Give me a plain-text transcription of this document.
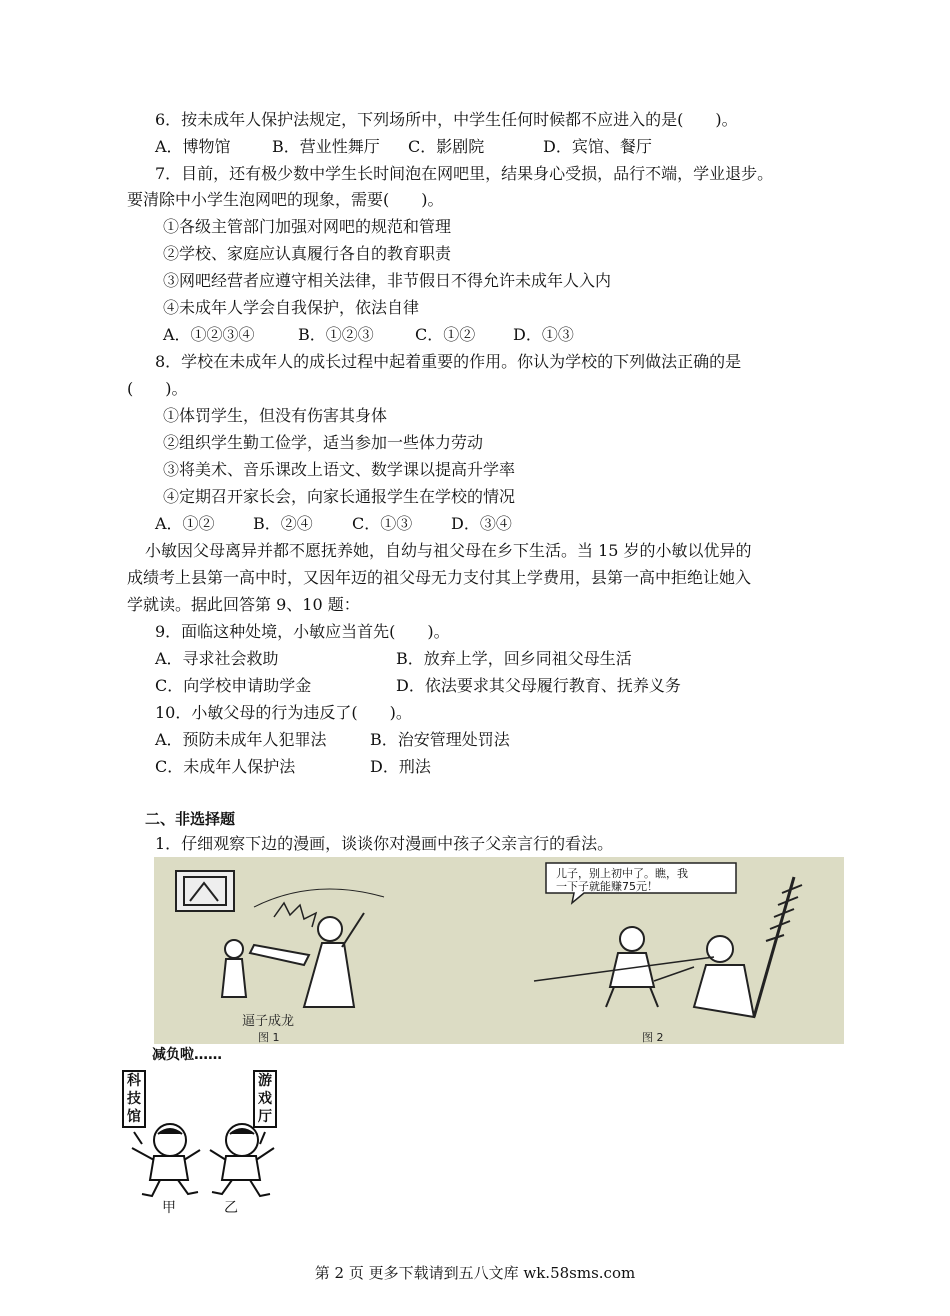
6．按未成年人保护法规定，下列场所中，中学生任何时候都不应进入的是(　　)。
A．博物馆	B．营业性舞厅 C．影剧院	D．宾馆、餐厅
7．目前，还有极少数中学生长时间泡在网吧里，结果身心受损，品行不端，学业退步。
要清除中小学生泡网吧的现象，需要(　　)。
①各级主管部门加强对网吧的规范和管理
②学校、家庭应认真履行各自的教育职责
③网吧经营者应遵守相关法律，非节假日不得允许未成年人入内
④未成年人学会自我保护，依法自律
A．①②③④	B．①②③	C．①② D．①③
8．学校在未成年人的成长过程中起着重要的作用。你认为学校的下列做法正确的是
(　　)。
①体罚学生，但没有伤害其身体
②组织学生勤工俭学，适当参加一些体力劳动
③将美术、音乐课改上语文、数学课以提高升学率
④定期召开家长会，向家长通报学生在学校的情况
A．①② B．②④ C．①③ D．③④
小敏因父母离异并都不愿抚养她，自幼与祖父母在乡下生活。当 15 岁的小敏以优异的
成绩考上县第一高中时，又因年迈的祖父母无力支付其上学费用，县第一高中拒绝让她入
学就读。据此回答第 9、10 题：
9．面临这种处境，小敏应当首先(　　)。
A．寻求社会救助	B．放弃上学，回乡同祖父母生活
C．向学校申请助学金	D．依法要求其父母履行教育、抚养义务
10．小敏父母的行为违反了(　　)。
A．预防未成年人犯罪法	B．治安管理处罚法
C．未成年人保护法	D．刑法
二、非选择题
1．仔细观察下边的漫画，谈谈你对漫画中孩子父亲言行的看法。
逼子成龙
图 1
儿子，别上初中了。瞧，我
一下子就能赚75元！
图 2
减负啦……
科
技
馆
游
戏
厅
甲	乙
第 2 页 更多下载请到五八文库 wk.58sms.com
